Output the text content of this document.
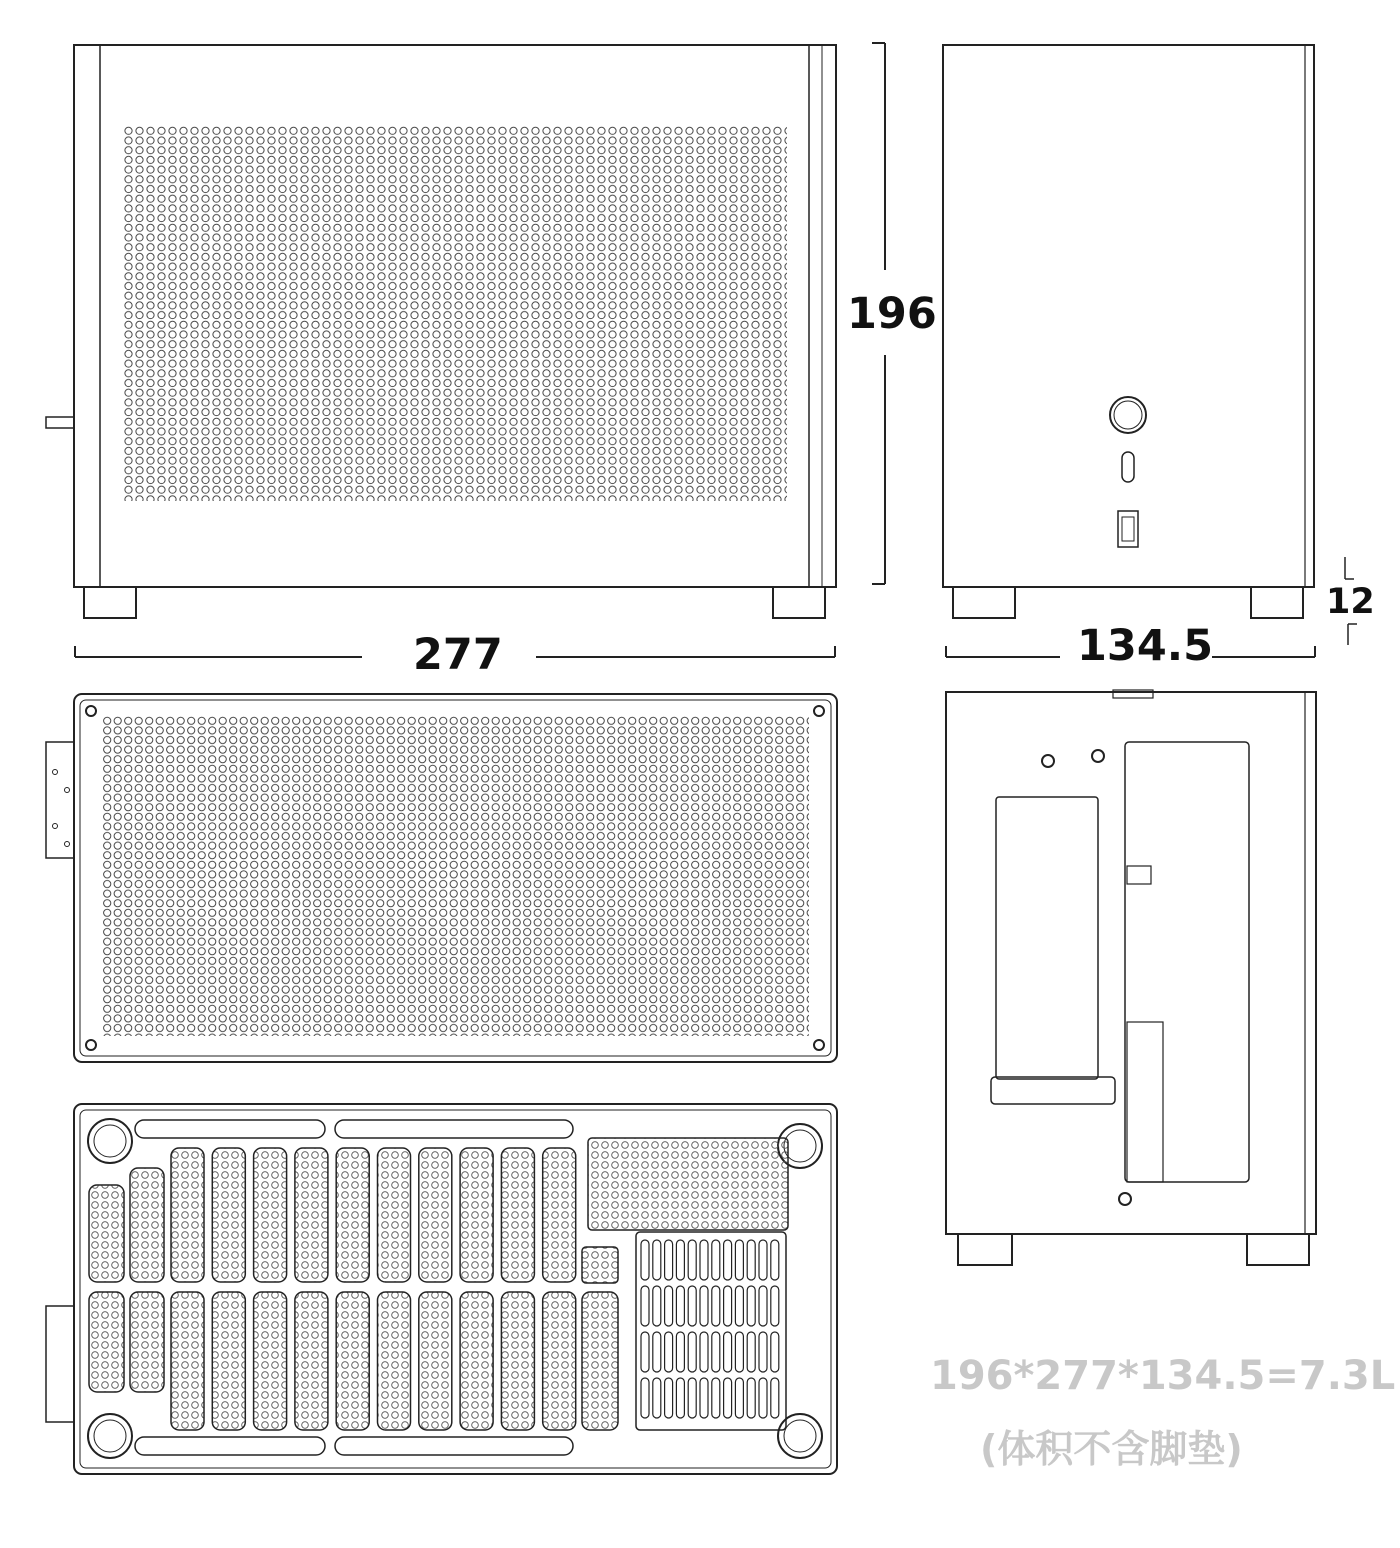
196
277	134.5
12
196*277*134.5=7.3L
(体积不含脚垫)
